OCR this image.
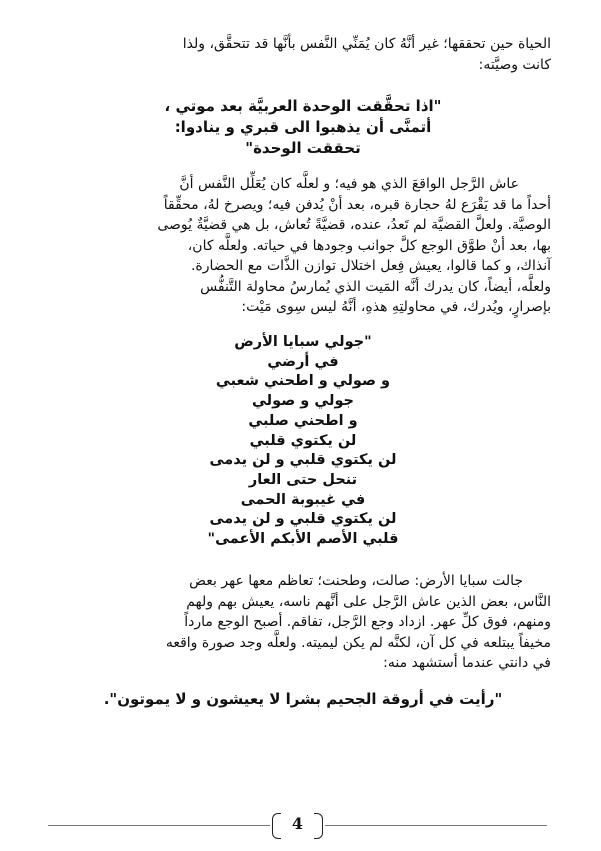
الحياة حين تحققها؛ غير أنَّهُ كان يُمَنِّي النَّفس بأنَّها قد تتحقَّق، ولذا
كانت وصيَّته:
"اذا تحقَّقت الوحدة العربيَّة بعد موتي ،
أتمنَّى أن يذهبوا الى قبري و ينادوا:
تحققت الوحدة"
عاش الرَّجل الواقعَ الذي هو فيه؛ و لعلَّه كان يُعَلِّل النَّفس أنَّ
أحداً ما قد يَقْرَع لهُ حجارة قبره، بعد أنْ يُدفن فيه؛ ويصرخ لهُ، محقِّقاً
الوصيَّة. ولعلَّ القضيَّة لم تَعدُ، عنده، قضيَّةً تُعاش، بل هي قضيَّةٌ يُوصى
بها، بعد أنْ طوَّق الوجع كلَّ جوانب وجودها في حياته. ولعلَّه كان،
آنذاك، و كما قالوا، يعيش فِعل اختلال توازن الذَّات مع الحضارة.
ولعلَّه، أيضاً، كان يدرك أنَّه المَيت الذي يُمارسُ محاولة التَّنفُّس
بإصرارٍ، ويُدرك، في محاولتِهِ هذهِ، أنَّهُ ليس سِوى مَيْت:
"جولي سبايا الأرض
في أرضي
و صولي و اطحني شعبي
جولي و صولي
و اطحني صلبي
لن يكتوي قلبي
لن يكتوي قلبي و لن يدمى
تنحل حتى العار
في غيبوبة الحمى
لن يكتوي قلبي و لن يدمى
قلبي الأصم الأبكم الأعمى"
جالت سبايا الأرض: صالت، وطحنت؛ تعاظم معها عهر بعض
النَّاس، بعض الذين عاش الرَّجل على أنَّهم ناسه، يعيش بهم ولهم
ومنهم، فوق كلِّ عهر. ازداد وجع الرَّجل، تفاقم. أصبح الوجع مارداً
مخيفاً يبتلعه في كل آن، لكنَّه لم يكن ليميته. ولعلَّه وجد صورة واقعه
في دانتي عندما أستشهد منه:
"رأيت في أروقة الجحيم بشرا لا يعيشون و لا يموتون".
4
